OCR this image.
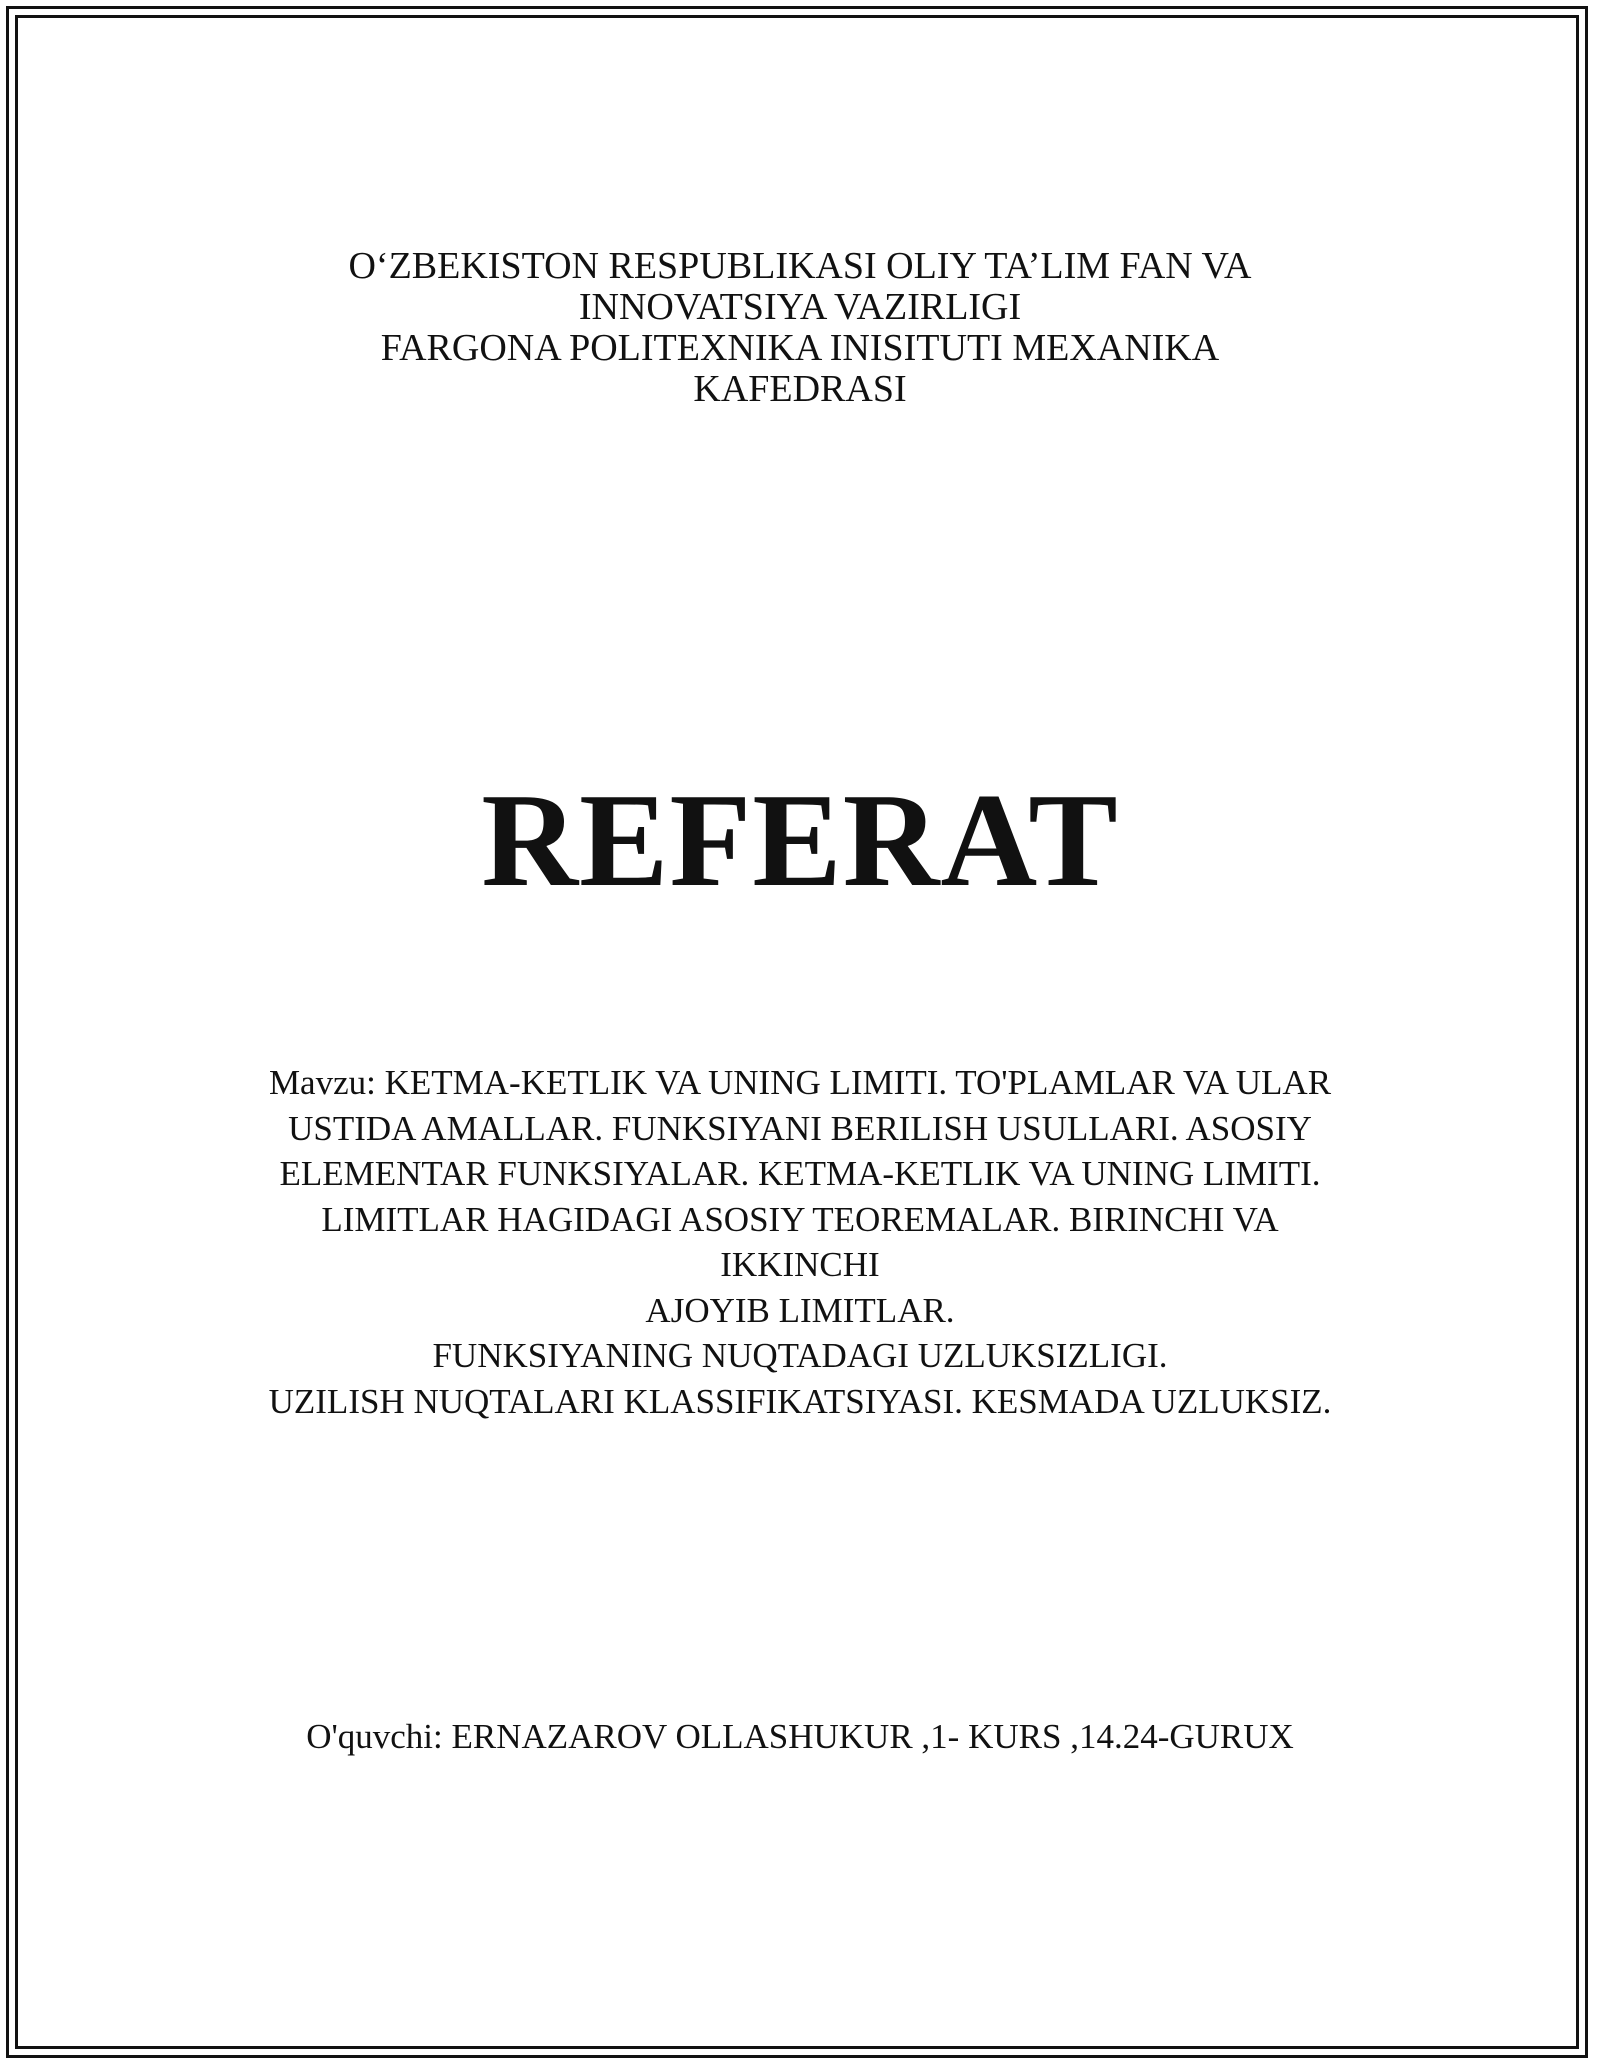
O‘ZBEKISTON RESPUBLIKASI OLIY TA’LIM FAN VA
INNOVATSIYA VAZIRLIGI
FARGONA POLITEXNIKA INISITUTI MEXANIKA
KAFEDRASI
REFERAT
Mavzu: KETMA-KETLIK VA UNING LIMITI. TO'PLAMLAR VA ULAR
USTIDA AMALLAR. FUNKSIYANI BERILISH USULLARI. ASOSIY
ELEMENTAR FUNKSIYALAR. KETMA-KETLIK VA UNING LIMITI.
LIMITLAR HAGIDAGI ASOSIY TEOREMALAR. BIRINCHI VA
IKKINCHI
AJOYIB LIMITLAR.
FUNKSIYANING NUQTADAGI UZLUKSIZLIGI.
UZILISH NUQTALARI KLASSIFIKATSIYASI. KESMADA UZLUKSIZ.
O'quvchi: ERNAZAROV OLLASHUKUR ,1- KURS ,14.24-GURUX
